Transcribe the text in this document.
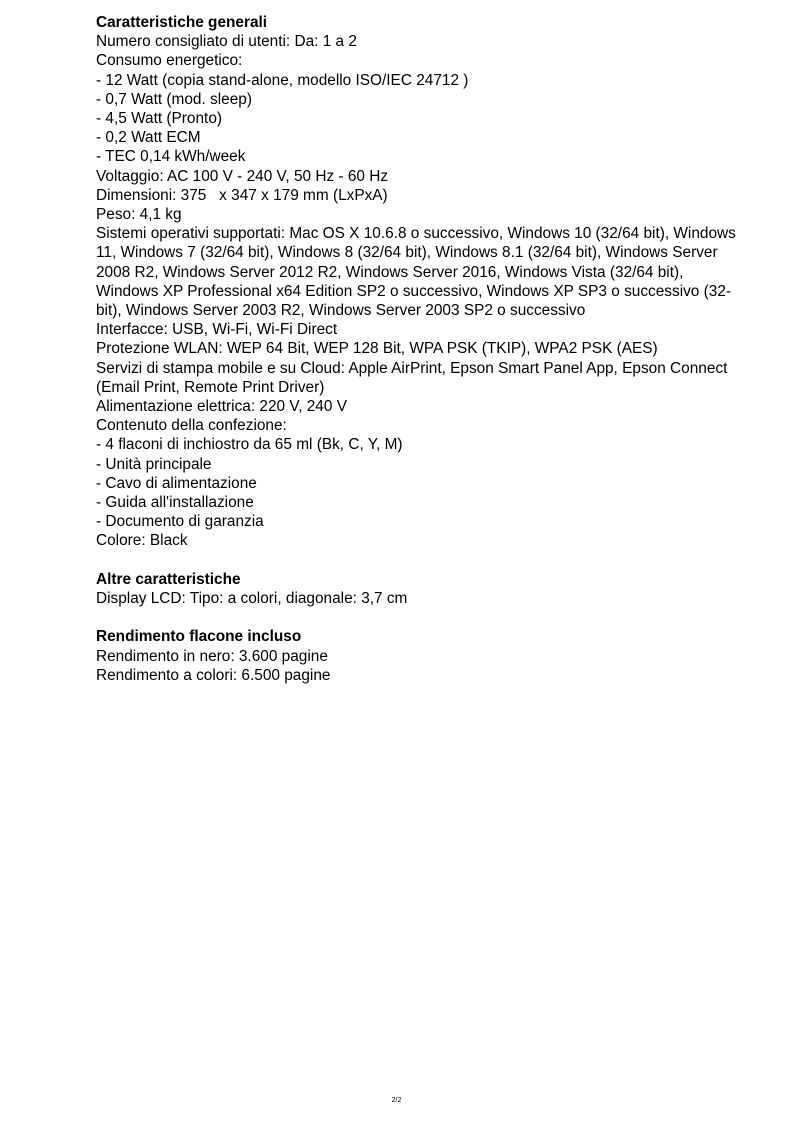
Caratteristiche generali

Numero consigliato di utenti: Da: 1 a 2

Consumo energetico:

- 12 Watt (copia stand-alone, modello ISO/IEC 24712 )

- 0,7 Watt (mod. sleep)

- 4,5 Watt (Pronto)

- 0,2 Watt ECM

- TEC 0,14 kWh/week

Voltaggio: AC 100 V - 240 V, 50 Hz - 60 Hz

Dimensioni: 375   x 347 x 179 mm (LxPxA)

Peso: 4,1 kg

Sistemi operativi supportati: Mac OS X 10.6.8 o successivo, Windows 10 (32/64 bit), Windows 11, Windows 7 (32/64 bit), Windows 8 (32/64 bit), Windows 8.1 (32/64 bit), Windows Server 2008 R2, Windows Server 2012 R2, Windows Server 2016, Windows Vista (32/64 bit), Windows XP Professional x64 Edition SP2 o successivo, Windows XP SP3 o successivo (32-bit), Windows Server 2003 R2, Windows Server 2003 SP2 o successivo

Interfacce: USB, Wi-Fi, Wi-Fi Direct

Protezione WLAN: WEP 64 Bit, WEP 128 Bit, WPA PSK (TKIP), WPA2 PSK (AES)

Servizi di stampa mobile e su Cloud: Apple AirPrint, Epson Smart Panel App, Epson Connect (Email Print, Remote Print Driver)

Alimentazione elettrica: 220 V, 240 V

Contenuto della confezione:

- 4 flaconi di inchiostro da 65 ml (Bk, C, Y, M)

- Unità principale

- Cavo di alimentazione

- Guida all'installazione

- Documento di garanzia

Colore: Black

Altre caratteristiche

Display LCD: Tipo: a colori, diagonale: 3,7 cm

Rendimento flacone incluso

Rendimento in nero: 3.600 pagine

Rendimento a colori: 6.500 pagine

2/2
